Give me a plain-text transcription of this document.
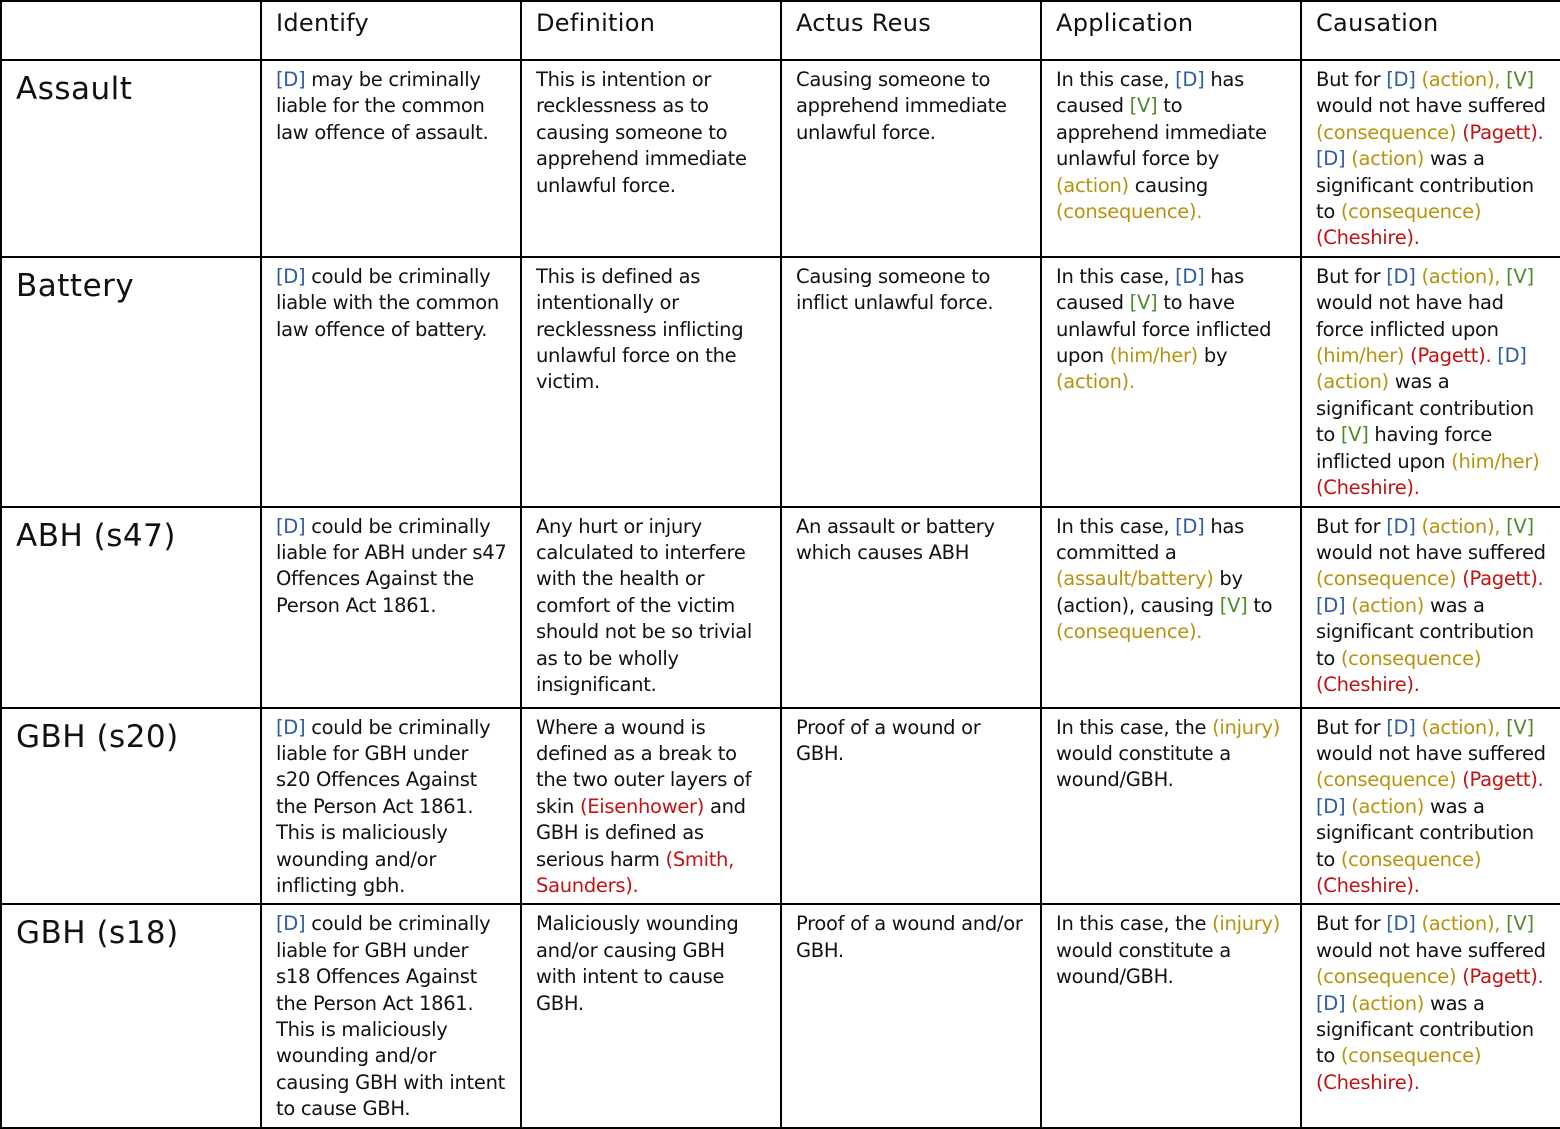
	Identify	Definition	Actus Reus	Application	Causation
Assault	[D] may be criminally liable for the common law offence of assault.	This is intention or recklessness as to causing someone to apprehend immediate unlawful force.	Causing someone to apprehend immediate unlawful force.	In this case, [D] has caused [V] to apprehend immediate unlawful force by (action) causing (consequence).	But for [D] (action), [V] would not have suffered (consequence) (Pagett). [D] (action) was a significant contribution to (consequence) (Cheshire).
Battery	[D] could be criminally liable with the common law offence of battery.	This is defined as intentionally or recklessness inflicting unlawful force on the victim.	Causing someone to inflict unlawful force.	In this case, [D] has caused [V] to have unlawful force inflicted upon (him/her) by (action).	But for [D] (action), [V] would not have had force inflicted upon (him/her) (Pagett). [D] (action) was a significant contribution to [V] having force inflicted upon (him/her) (Cheshire).
ABH (s47)	[D] could be criminally liable for ABH under s47 Offences Against the Person Act 1861.	Any hurt or injury calculated to interfere with the health or comfort of the victim should not be so trivial as to be wholly insignificant.	An assault or battery which causes ABH	In this case, [D] has committed a (assault/battery) by (action), causing [V] to (consequence).	But for [D] (action), [V] would not have suffered (consequence) (Pagett). [D] (action) was a significant contribution to (consequence) (Cheshire).
GBH (s20)	[D] could be criminally liable for GBH under s20 Offences Against the Person Act 1861. This is maliciously wounding and/or inflicting gbh.	Where a wound is defined as a break to the two outer layers of skin (Eisenhower) and GBH is defined as serious harm (Smith, Saunders).	Proof of a wound or GBH.	In this case, the (injury) would constitute a wound/GBH.	But for [D] (action), [V] would not have suffered (consequence) (Pagett). [D] (action) was a significant contribution to (consequence) (Cheshire).
GBH (s18)	[D] could be criminally liable for GBH under s18 Offences Against the Person Act 1861. This is maliciously wounding and/or causing GBH with intent to cause GBH.	Maliciously wounding and/or causing GBH with intent to cause GBH.	Proof of a wound and/or GBH.	In this case, the (injury) would constitute a wound/GBH.	But for [D] (action), [V] would not have suffered (consequence) (Pagett). [D] (action) was a significant contribution to (consequence) (Cheshire).
